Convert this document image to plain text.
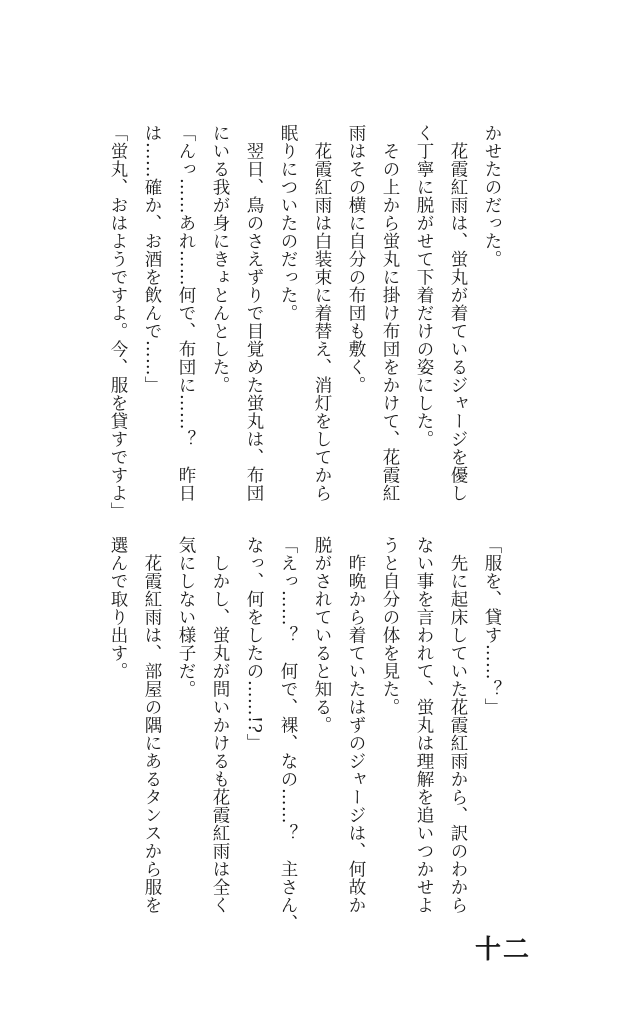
かせたのだった。
　花霞紅雨は、蛍丸が着ているジャージを優し
く丁寧に脱がせて下着だけの姿にした。
　その上から蛍丸に掛け布団をかけて、花霞紅
雨はその横に自分の布団も敷く。
　花霞紅雨は白装束に着替え、消灯をしてから
眠りについたのだった。
　翌日、鳥のさえずりで目覚めた蛍丸は、布団
にいる我が身にきょとんとした。
「んっ……あれ……何で、布団に……？　昨日
は……確か、お酒を飲んで……」
「蛍丸、おはようですよ。今、服を貸すですよ」
「服を、貸す……？」
　先に起床していた花霞紅雨から、訳のわから
ない事を言われて、蛍丸は理解を追いつかせよ
うと自分の体を見た。
　昨晩から着ていたはずのジャージは、何故か
脱がされていると知る。
「えっ……？　何で、裸、なの……？　主さん、
なっ、何をしたの……!?」
　しかし、蛍丸が問いかけるも花霞紅雨は全く
気にしない様子だ。
　花霞紅雨は、部屋の隅にあるタンスから服を
選んで取り出す。
十二
